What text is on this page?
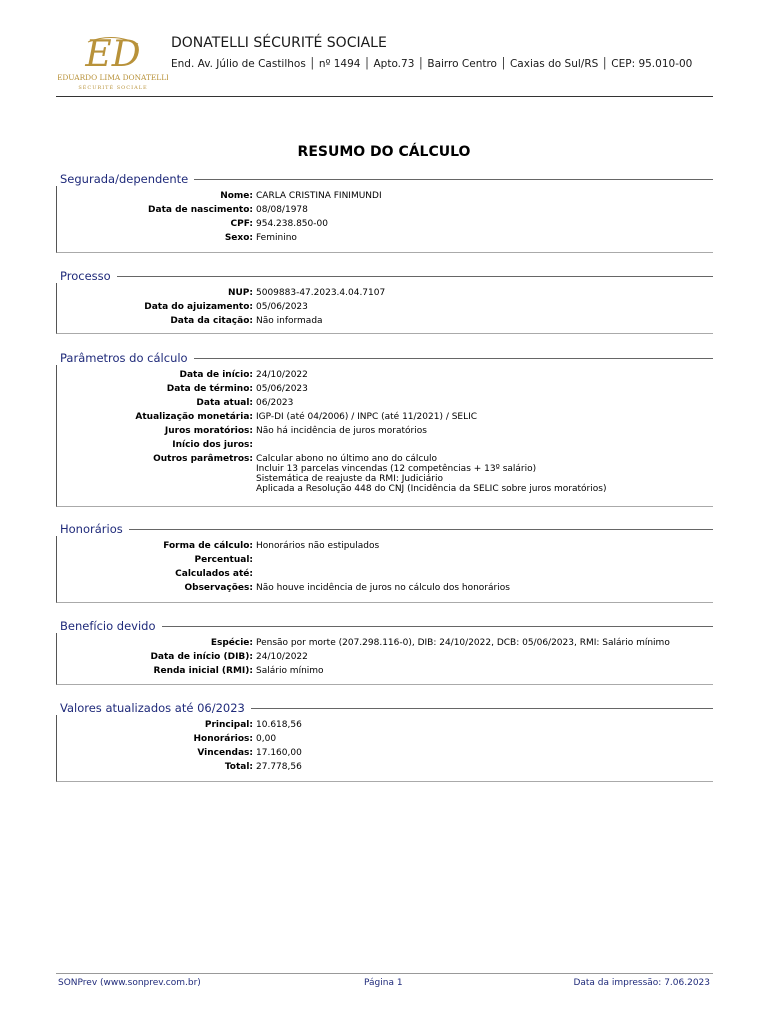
ED
EDUARDO LIMA DONATELLI
SÉCURITÉ SOCIALE
DONATELLI SÉCURITÉ SOCIALE
End. Av. Júlio de Castilhos │ nº 1494 │ Apto.73 │ Bairro Centro │ Caxias do Sul/RS │ CEP: 95.010-00
RESUMO DO CÁLCULO
Segurada/dependente
Nome: CARLA CRISTINA FINIMUNDI
Data de nascimento: 08/08/1978
CPF: 954.238.850-00
Sexo: Feminino
Processo
NUP: 5009883-47.2023.4.04.7107
Data do ajuizamento: 05/06/2023
Data da citação: Não informada
Parâmetros do cálculo
Data de início: 24/10/2022
Data de término: 05/06/2023
Data atual: 06/2023
Atualização monetária: IGP-DI (até 04/2006) / INPC (até 11/2021) / SELIC
Juros moratórios: Não há incidência de juros moratórios
Início dos juros:
Outros parâmetros: Calcular abono no último ano do cálculo
Incluir 13 parcelas vincendas (12 competências + 13º salário)
Sistemática de reajuste da RMI: Judiciário
Aplicada a Resolução 448 do CNJ (Incidência da SELIC sobre juros moratórios)
Honorários
Forma de cálculo: Honorários não estipulados
Percentual:
Calculados até:
Observações: Não houve incidência de juros no cálculo dos honorários
Benefício devido
Espécie: Pensão por morte (207.298.116-0), DIB: 24/10/2022, DCB: 05/06/2023, RMI: Salário mínimo
Data de início (DIB): 24/10/2022
Renda inicial (RMI): Salário mínimo
Valores atualizados até 06/2023
Principal: 10.618,56
Honorários: 0,00
Vincendas: 17.160,00
Total: 27.778,56
SONPrev (www.sonprev.com.br)	Página 1	Data da impressão: 7.06.2023
